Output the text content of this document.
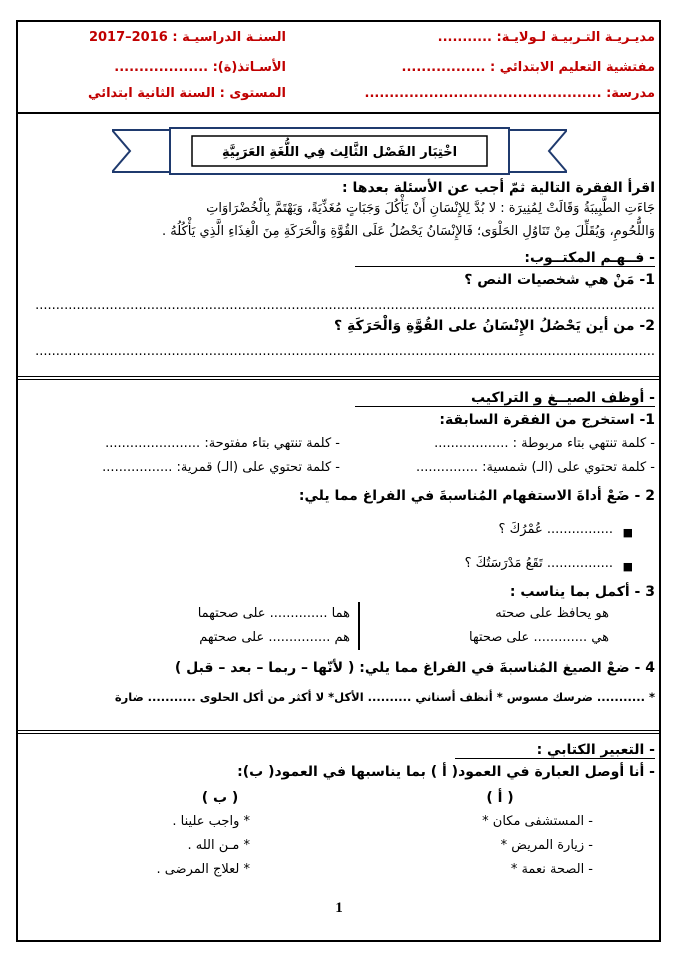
مديـريـة التـربيـة لـولايـة: ...........
مفتشية التعليم الابتدائي : .................
مدرسة: ................................................
السنـة الدراسيـة : 2016–2017
الأسـاتذ(ة): ...................
المستوى : السنة الثانية ابتدائي
اخْتِبَار الفَصْل الثَّالِث فِي اللُّغَةِ العَرَبِيَّةِ
اقرأ الفقرة التالية ثمّ أجب عن الأسئلة بعدها :
جَاءَتِ الطَّبِيبَةُ وَقَالَتْ لِمُنِيرَة : لا بُدَّ لِلإِنْسَانِ أَنْ يَأْكُلَ وَجَبَاتٍ مُغَذِّيَةً، وَيَهْتَمَّ بِالْخُضْرَاوَاتِ
وَاللُّحُومِ، وَيُقَلِّلَ مِنْ تَنَاوُلِ الحَلْوَى؛ فَالإِنْسَانُ يَحْصُلُ عَلَى القُوَّةِ وَالْحَرَكَةِ مِنَ الْغِذَاءِ الَّذِي يَأْكُلُهُ .
- فــهـم المكتــوب:
1- مَنْ هي شخصيات النص ؟
......................................................................................................................................................
2- من أين يَحْصُلُ الإِنْسَانُ على القُوَّةِ وَالْحَرَكَةِ ؟
......................................................................................................................................................
- أوظف الصيــغ و التراكيب
1- استخرج من الفقرة السابقة:
- كلمة تنتهي بتاء مربوطة : ..................
- كلمة تنتهي بتاء مفتوحة: .......................
- كلمة تحتوي على (الـ) شمسية: ...............
- كلمة تحتوي على (الـ) قمرية: .................
2 - ضَعْ أداةَ الاستفهام المُناسبةَ في الفراغ مما يلي:
■
................ عُمْرُكَ ؟
■
................ تَقَعُ مَدْرَسَتُكَ ؟
3 - أكمل بما يناسب :
هو يحافظ على صحته
هي ............. على صحتها
هما .............. على صحتهما
هم ............... على صحتهم
4 - ضعْ الصيغ المُناسبةَ في الفراغ مما يلي: ( لأنّها – ربما – بعد – قبل )
* ........... ضرسك مسوس * أنظف أسناني .......... الأكل* لا أكثر من أكل الحلوى ........... ضارة
- التعبير الكتابي :
- أنا أوصل العبارة في العمود( أ ) بما يناسبها في العمود( ب):
( أ )
( ب )
- المستشفى مكان *
- زيارة المريض *
- الصحة نعمة *
* واجب علينا .
* مـن الله .
* لعلاج المرضى .
1
